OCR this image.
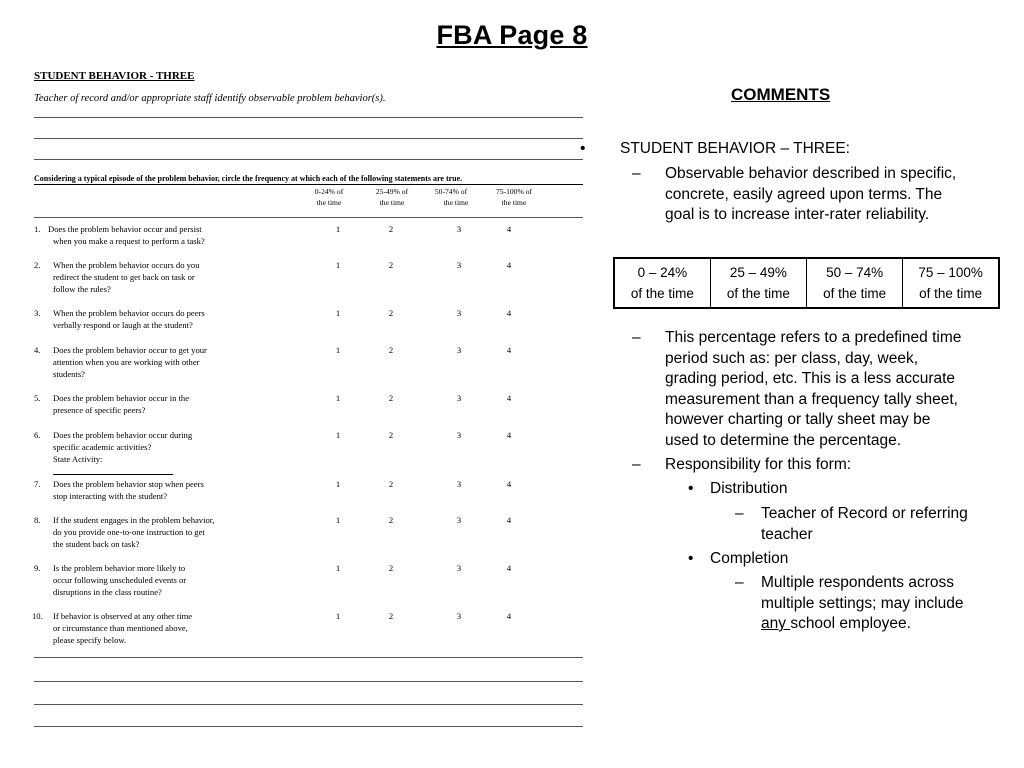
FBA Page 8
STUDENT BEHAVIOR - THREE
Teacher of record and/or appropriate staff identify observable problem behavior(s).
Considering a typical episode of the problem behavior, circle the frequency at which each of the following statements are true.
0-24% of
the time
25-49% of
the time
50-74% of
the time
75-100% of
the time
1. Does the problem behavior occur and persist
when you make a request to perform a task?
1	2	3	4
2. When the problem behavior occurs do you
redirect the student to get back on task or
follow the rules?
1	2	3	4
3. When the problem behavior occurs do peers
verbally respond or laugh at the student?
1	2	3	4
4. Does the problem behavior occur to get your
attention when you are working with other
students?
1	2	3	4
5. Does the problem behavior occur in the
presence of specific peers?
1	2	3	4
6. Does the problem behavior occur during
specific academic activities?
State Activity:
1	2	3	4
7. Does the problem behavior stop when peers
stop interacting with the student?
1	2	3	4
8. If the student engages in the problem behavior,
do you provide one-to-one instruction to get
the student back on task?
1	2	3	4
9. Is the problem behavior more likely to
occur following unscheduled events or
disruptions in the class routine?
1	2	3	4
10. If behavior is observed at any other time
or circumstance than mentioned above,
please specify below.
1	2	3	4
COMMENTS
• STUDENT BEHAVIOR – THREE:
– Observable behavior described in specific,
concrete, easily agreed upon terms. The
goal is to increase inter-rater reliability.
0 – 24%
of the time

25 – 49%
of the time

50 – 74%
of the time

75 – 100%
of the time
– This percentage refers to a predefined time
period such as: per class, day, week,
grading period, etc. This is a less accurate
measurement than a frequency tally sheet,
however charting or tally sheet may be
used to determine the percentage.
– Responsibility for this form:
• Distribution
– Teacher of Record or referring
teacher
• Completion
– Multiple respondents across
multiple settings; may include
any school employee.
